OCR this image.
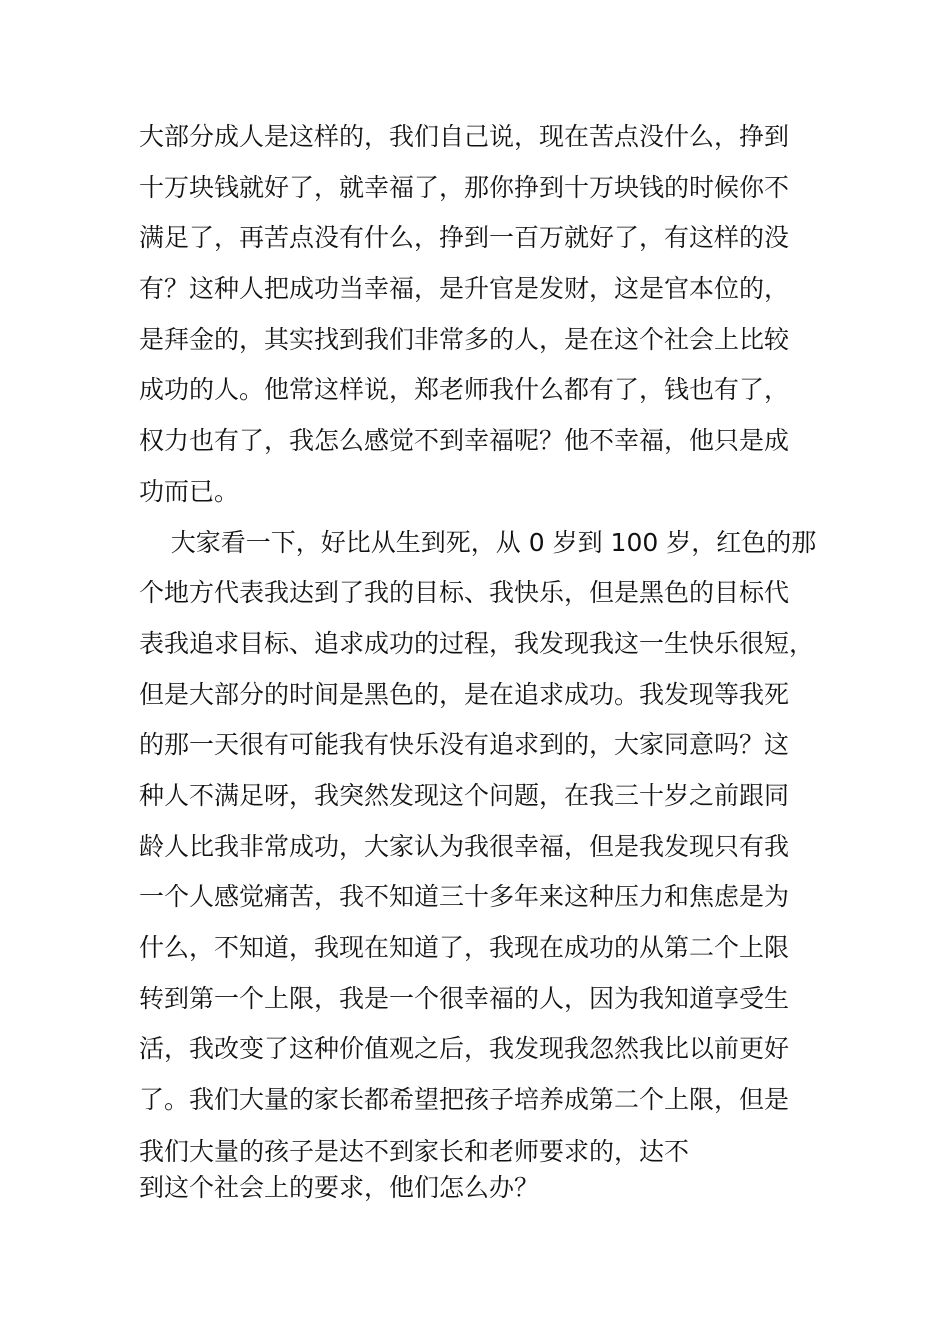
大部分成人是这样的，我们自己说，现在苦点没什么，挣到
十万块钱就好了，就幸福了，那你挣到十万块钱的时候你不
满足了，再苦点没有什么，挣到一百万就好了，有这样的没
有？这种人把成功当幸福，是升官是发财，这是官本位的，
是拜金的，其实找到我们非常多的人，是在这个社会上比较
成功的人。他常这样说，郑老师我什么都有了，钱也有了，
权力也有了，我怎么感觉不到幸福呢？他不幸福，他只是成
功而已。
大家看一下，好比从生到死，从 0 岁到 100 岁，红色的那
个地方代表我达到了我的目标、我快乐，但是黑色的目标代
表我追求目标、追求成功的过程，我发现我这一生快乐很短，
但是大部分的时间是黑色的，是在追求成功。我发现等我死
的那一天很有可能我有快乐没有追求到的，大家同意吗？这
种人不满足呀，我突然发现这个问题，在我三十岁之前跟同
龄人比我非常成功，大家认为我很幸福，但是我发现只有我
一个人感觉痛苦，我不知道三十多年来这种压力和焦虑是为
什么，不知道，我现在知道了，我现在成功的从第二个上限
转到第一个上限，我是一个很幸福的人，因为我知道享受生
活，我改变了这种价值观之后，我发现我忽然我比以前更好
了。我们大量的家长都希望把孩子培养成第二个上限，但是
我们大量的孩子是达不到家长和老师要求的，达不
到这个社会上的要求，他们怎么办？
